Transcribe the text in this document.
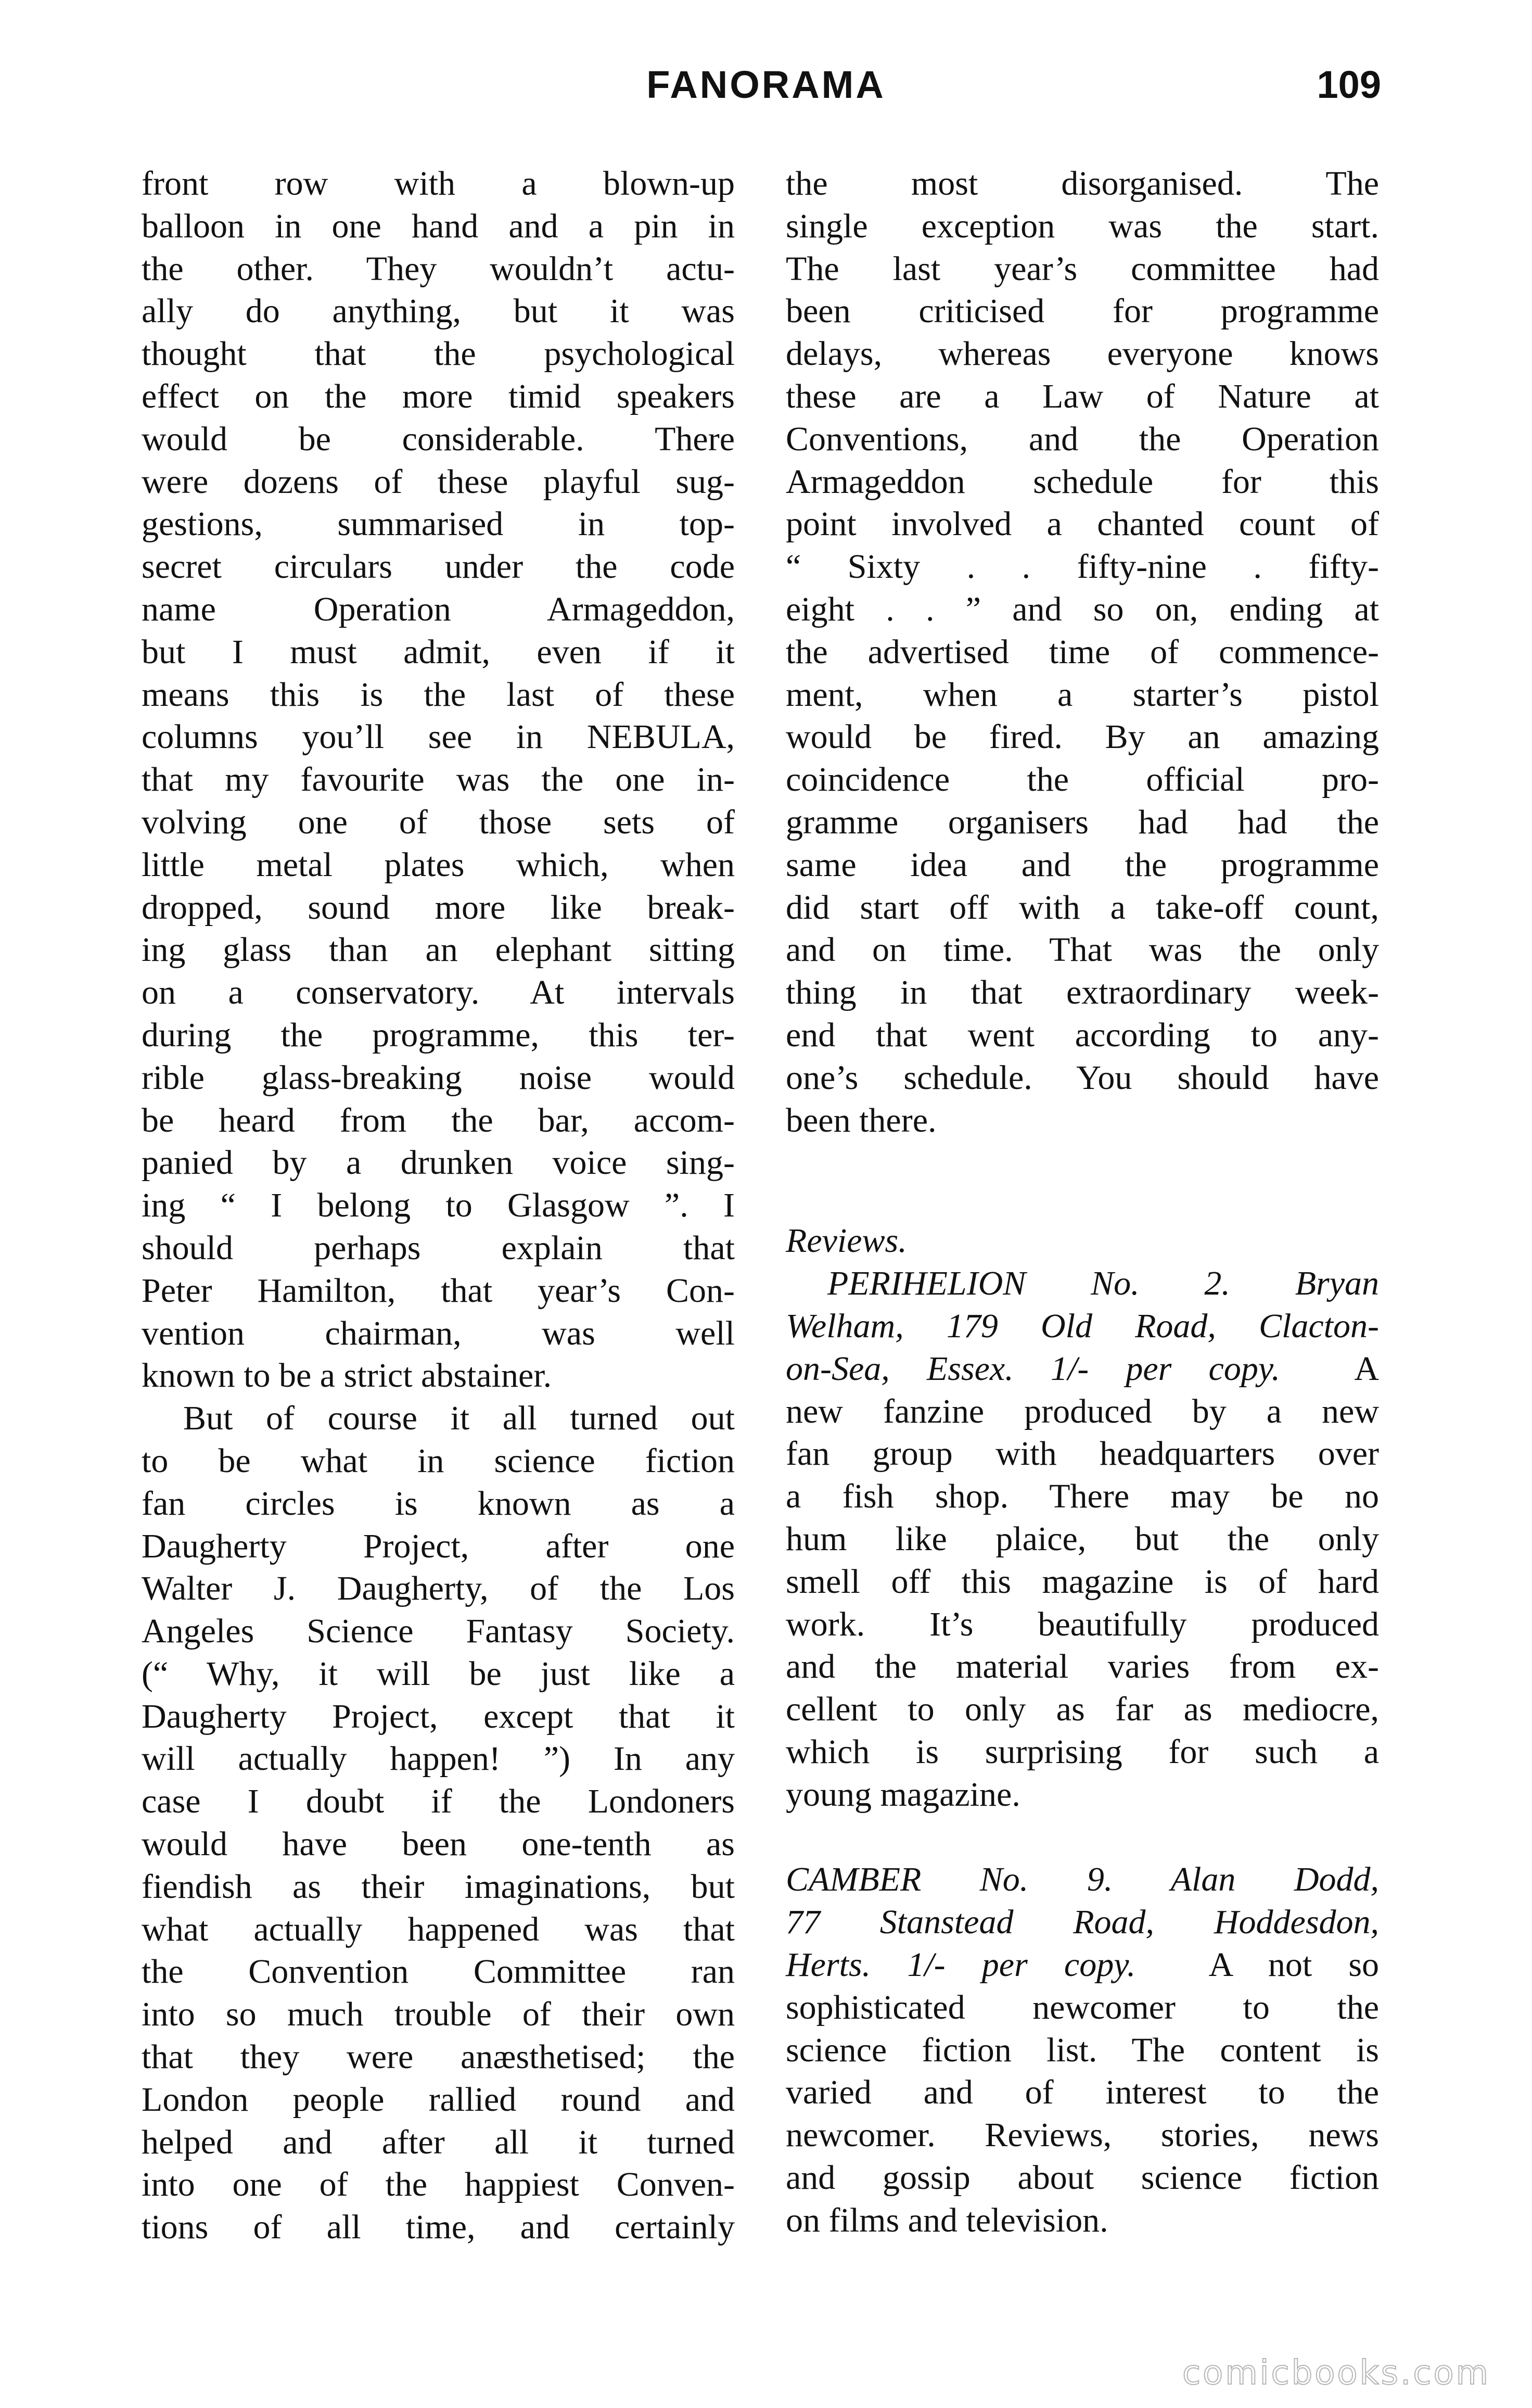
FANORAMA	109
front row with a blown-up
balloon in one hand and a pin in
the other. They wouldn’t actu-
ally do anything, but it was
thought that the psychological
effect on the more timid speakers
would be considerable. There
were dozens of these playful sug-
gestions, summarised in top-
secret circulars under the code
name Operation Armageddon,
but I must admit, even if it
means this is the last of these
columns you’ll see in NEBULA,
that my favourite was the one in-
volving one of those sets of
little metal plates which, when
dropped, sound more like break-
ing glass than an elephant sitting
on a conservatory. At intervals
during the programme, this ter-
rible glass-breaking noise would
be heard from the bar, accom-
panied by a drunken voice sing-
ing “ I belong to Glasgow ”. I
should perhaps explain that
Peter Hamilton, that year’s Con-
vention chairman, was well
known to be a strict abstainer.
But of course it all turned out
to be what in science fiction
fan circles is known as a
Daugherty Project, after one
Walter J. Daugherty, of the Los
Angeles Science Fantasy Society.
(“ Why, it will be just like a
Daugherty Project, except that it
will actually happen! ”) In any
case I doubt if the Londoners
would have been one-tenth as
fiendish as their imaginations, but
what actually happened was that
the Convention Committee ran
into so much trouble of their own
that they were anæsthetised; the
London people rallied round and
helped and after all it turned
into one of the happiest Conven-
tions of all time, and certainly
the most disorganised. The
single exception was the start.
The last year’s committee had
been criticised for programme
delays, whereas everyone knows
these are a Law of Nature at
Conventions, and the Operation
Armageddon schedule for this
point involved a chanted count of
“ Sixty . . fifty-nine . fifty-
eight . . ” and so on, ending at
the advertised time of commence-
ment, when a starter’s pistol
would be fired. By an amazing
coincidence the official pro-
gramme organisers had had the
same idea and the programme
did start off with a take-off count,
and on time. That was the only
thing in that extraordinary week-
end that went according to any-
one’s schedule. You should have
been there.
Reviews.
PERIHELION No. 2. Bryan
Welham, 179 Old Road, Clacton-
on-Sea, Essex. 1/- per copy. A
new fanzine produced by a new
fan group with headquarters over
a fish shop. There may be no
hum like plaice, but the only
smell off this magazine is of hard
work. It’s beautifully produced
and the material varies from ex-
cellent to only as far as mediocre,
which is surprising for such a
young magazine.
CAMBER No. 9. Alan Dodd,
77 Stanstead Road, Hoddesdon,
Herts. 1/- per copy. A not so
sophisticated newcomer to the
science fiction list. The content is
varied and of interest to the
newcomer. Reviews, stories, news
and gossip about science fiction
on films and television.
comicbooks.com
